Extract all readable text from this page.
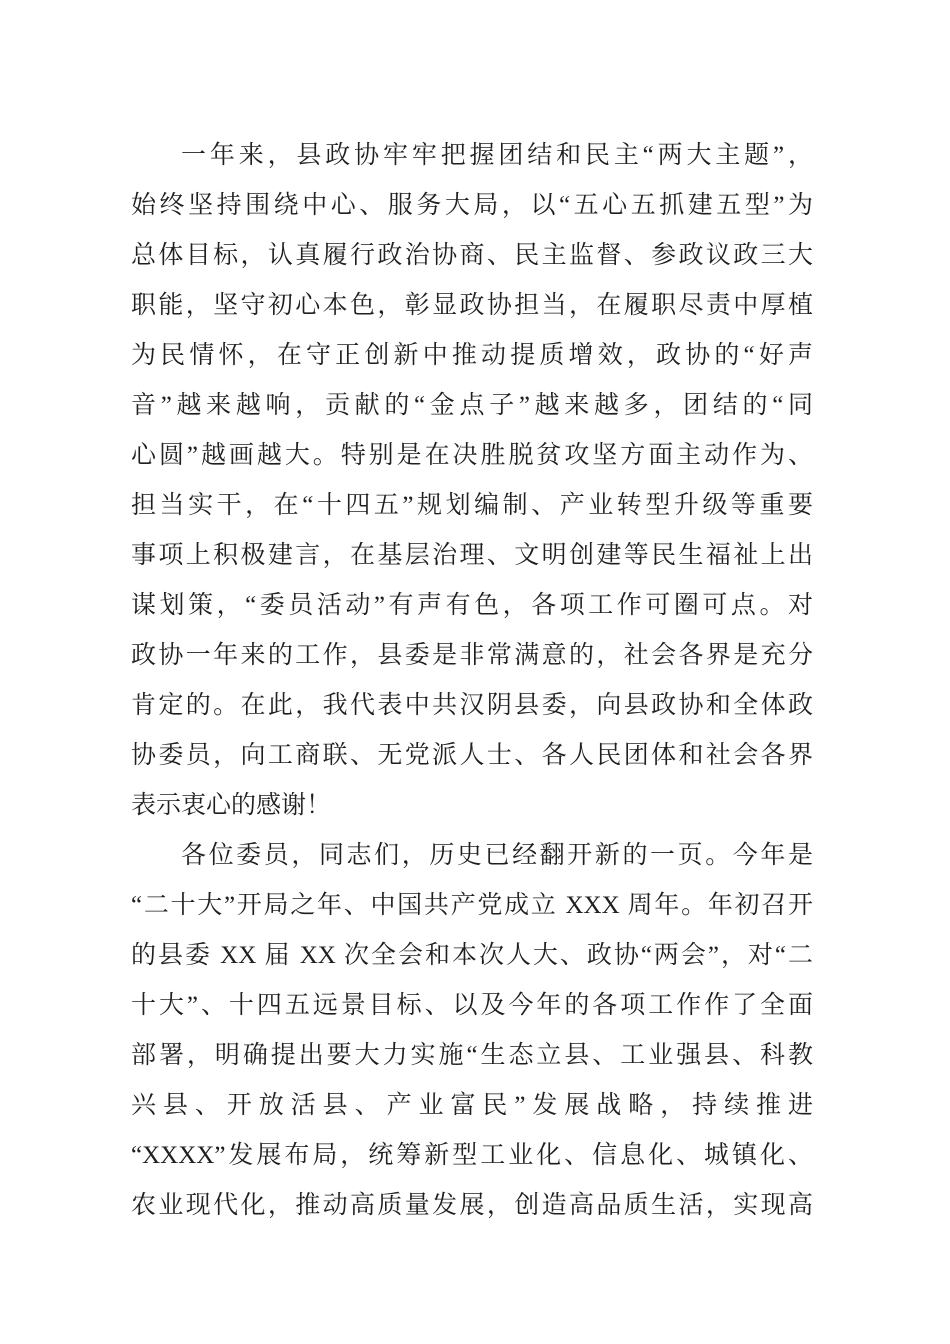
一年来，县政协牢牢把握团结和民主“两大主题”，
始终坚持围绕中心、服务大局，以“五心五抓建五型”为
总体目标，认真履行政治协商、民主监督、参政议政三大
职能，坚守初心本色，彰显政协担当，在履职尽责中厚植
为民情怀，在守正创新中推动提质增效，政协的“好声
音”越来越响，贡献的“金点子”越来越多，团结的“同
心圆”越画越大。特别是在决胜脱贫攻坚方面主动作为、
担当实干，在“十四五”规划编制、产业转型升级等重要
事项上积极建言，在基层治理、文明创建等民生福祉上出
谋划策，“委员活动”有声有色，各项工作可圈可点。对
政协一年来的工作，县委是非常满意的，社会各界是充分
肯定的。在此，我代表中共汉阴县委，向县政协和全体政
协委员，向工商联、无党派人士、各人民团体和社会各界
表示衷心的感谢！
各位委员，同志们，历史已经翻开新的一页。今年是
“二十大”开局之年、中国共产党成立 XXX 周年。年初召开
的县委 XX 届 XX 次全会和本次人大、政协“两会”，对“二
十大”、十四五远景目标、以及今年的各项工作作了全面
部署，明确提出要大力实施“生态立县、工业强县、科教
兴县、开放活县、产业富民”发展战略，持续推进
“XXXX”发展布局，统筹新型工业化、信息化、城镇化、
农业现代化，推动高质量发展，创造高品质生活，实现高
